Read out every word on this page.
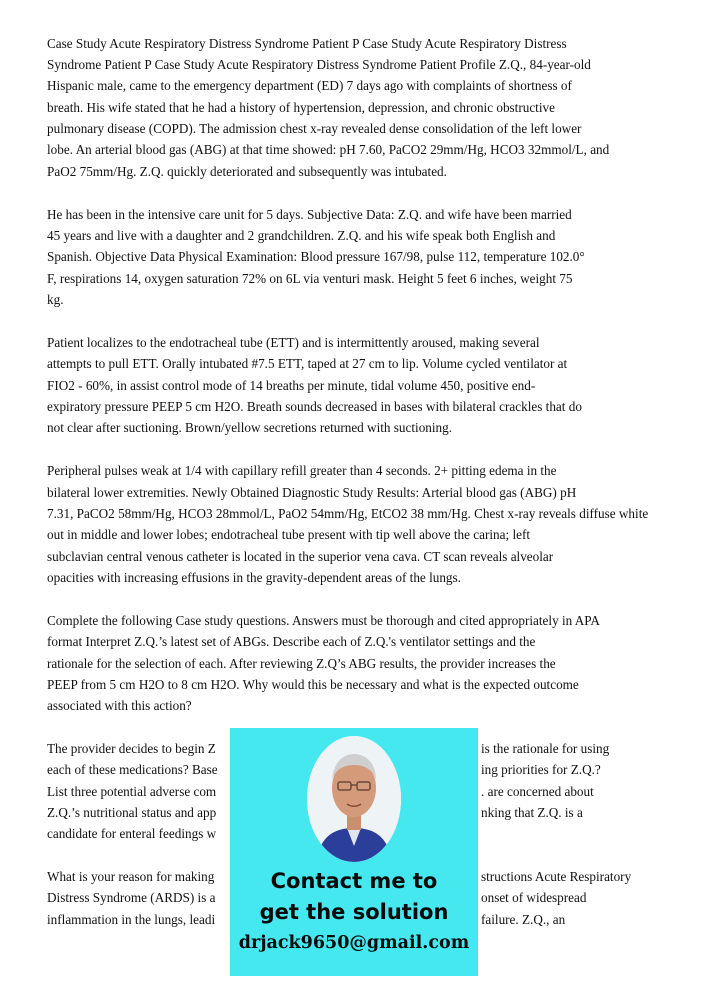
Case Study Acute Respiratory Distress Syndrome Patient P Case Study Acute Respiratory Distress

Syndrome Patient P Case Study Acute Respiratory Distress Syndrome Patient Profile Z.Q., 84-year-old

Hispanic male, came to the emergency department (ED) 7 days ago with complaints of shortness of

breath. His wife stated that he had a history of hypertension, depression, and chronic obstructive

pulmonary disease (COPD). The admission chest x-ray revealed dense consolidation of the left lower

lobe. An arterial blood gas (ABG) at that time showed: pH 7.60, PaCO2 29mm/Hg, HCO3 32mmol/L, and

PaO2 75mm/Hg. Z.Q. quickly deteriorated and subsequently was intubated.

He has been in the intensive care unit for 5 days. Subjective Data: Z.Q. and wife have been married

45 years and live with a daughter and 2 grandchildren. Z.Q. and his wife speak both English and

Spanish. Objective Data Physical Examination: Blood pressure 167/98, pulse 112, temperature 102.0°

F, respirations 14, oxygen saturation 72% on 6L via venturi mask. Height 5 feet 6 inches, weight 75

kg.

Patient localizes to the endotracheal tube (ETT) and is intermittently aroused, making several

attempts to pull ETT. Orally intubated #7.5 ETT, taped at 27 cm to lip. Volume cycled ventilator at

FIO2 - 60%, in assist control mode of 14 breaths per minute, tidal volume 450, positive end-

expiratory pressure PEEP 5 cm H2O. Breath sounds decreased in bases with bilateral crackles that do

not clear after suctioning. Brown/yellow secretions returned with suctioning.

Peripheral pulses weak at 1/4 with capillary refill greater than 4 seconds. 2+ pitting edema in the

bilateral lower extremities. Newly Obtained Diagnostic Study Results: Arterial blood gas (ABG) pH

7.31, PaCO2 58mm/Hg, HCO3 28mmol/L, PaO2 54mm/Hg, EtCO2 38 mm/Hg. Chest x-ray reveals diffuse white

out in middle and lower lobes; endotracheal tube present with tip well above the carina; left

subclavian central venous catheter is located in the superior vena cava. CT scan reveals alveolar

opacities with increasing effusions in the gravity-dependent areas of the lungs.

Complete the following Case study questions. Answers must be thorough and cited appropriately in APA

format Interpret Z.Q.’s latest set of ABGs. Describe each of Z.Q.'s ventilator settings and the

rationale for the selection of each. After reviewing Z.Q’s ABG results, the provider increases the

PEEP from 5 cm H2O to 8 cm H2O. Why would this be necessary and what is the expected outcome

associated with this action?

The provider decides to begin Z	is the rationale for using

each of these medications? Base	ing priorities for Z.Q.?

List three potential adverse com	. are concerned about

Z.Q.’s nutritional status and app	nking that Z.Q. is a

candidate for enteral feedings w

What is your reason for making	structions Acute Respiratory

Distress Syndrome (ARDS) is a	onset of widespread

inflammation in the lungs, leadi	failure. Z.Q., an

Contact me to

get the solution

drjack9650@gmail.com
